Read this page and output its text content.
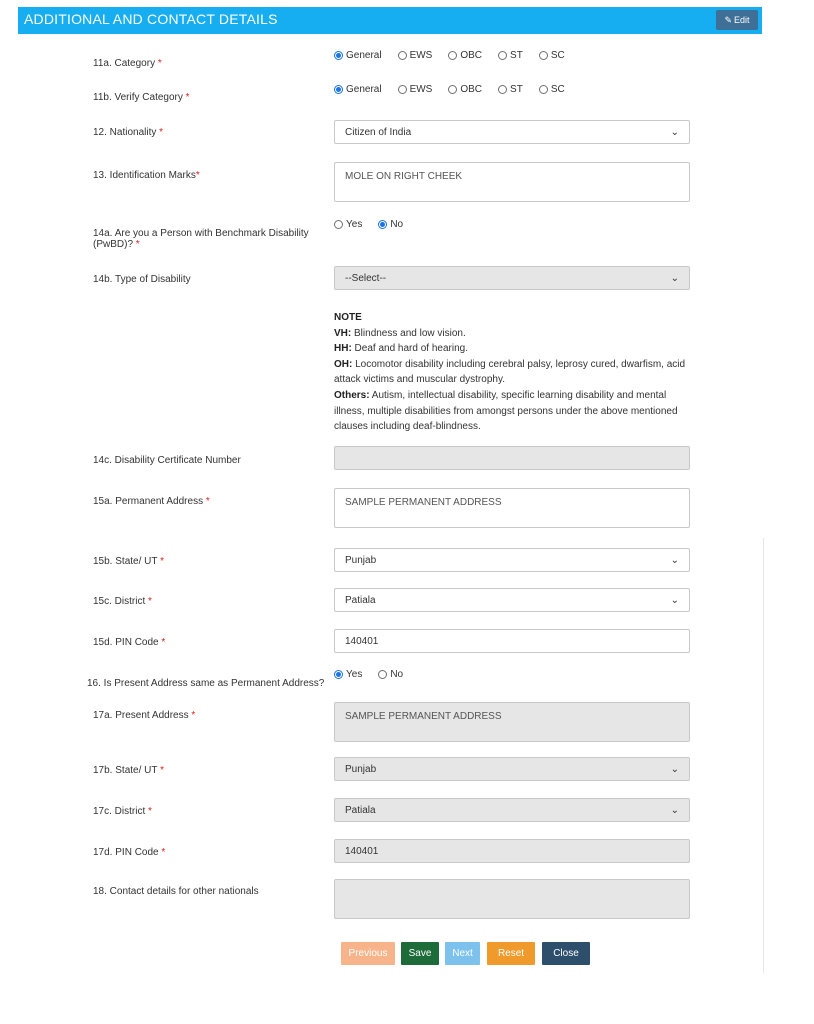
ADDITIONAL AND CONTACT DETAILS	✎ Edit
11a. Category *
General	EWS	OBC	ST	SC
11b. Verify Category *
General	EWS	OBC	ST	SC
12. Nationality *	Citizen of India	⌄
13. Identification Marks*	MOLE ON RIGHT CHEEK
14a. Are you a Person with Benchmark Disability
(PwBD)? *
Yes	No
14b. Type of Disability	--Select--	⌄
NOTE
VH: Blindness and low vision.
HH: Deaf and hard of hearing.
OH: Locomotor disability including cerebral palsy, leprosy cured, dwarfism, acid attack victims and muscular dystrophy.
Others: Autism, intellectual disability, specific learning disability and mental illness, multiple disabilities from amongst persons under the above mentioned clauses including deaf-blindness.
14c. Disability Certificate Number
15a. Permanent Address *	SAMPLE PERMANENT ADDRESS
15b. State/ UT *	Punjab	⌄
15c. District *	Patiala	⌄
15d. PIN Code *	140401
16. Is Present Address same as Permanent Address?
Yes	No
17a. Present Address *	SAMPLE PERMANENT ADDRESS
17b. State/ UT *	Punjab	⌄
17c. District *	Patiala	⌄
17d. PIN Code *	140401
18. Contact details for other nationals
Previous	Save	Next	Reset	Close
